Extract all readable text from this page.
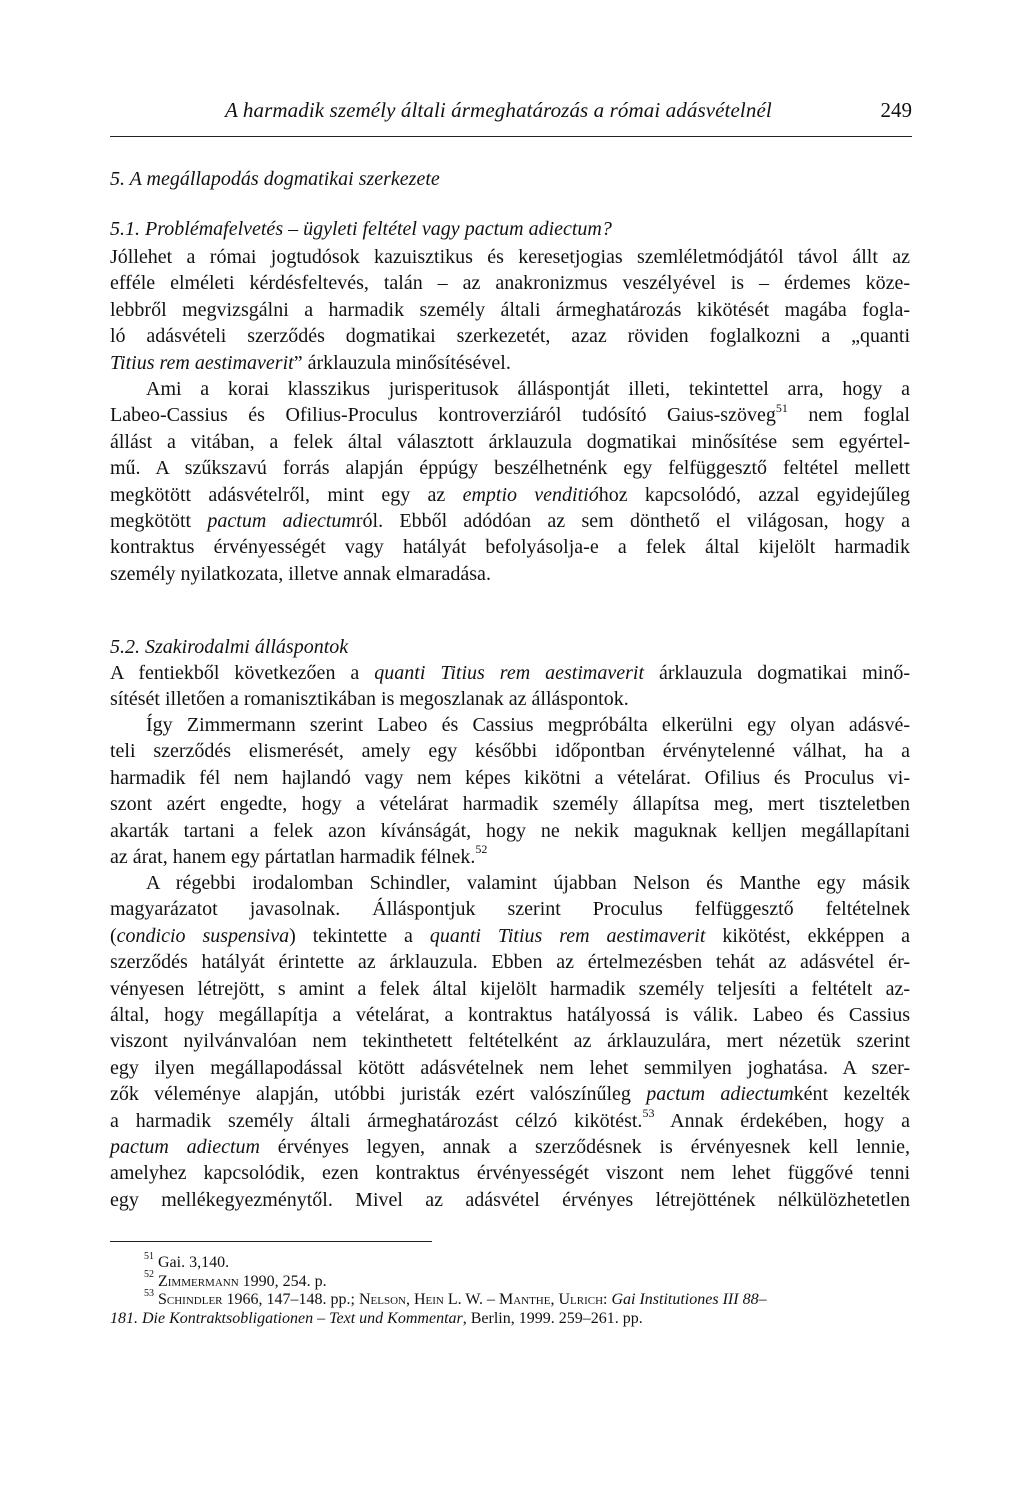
A harmadik személy általi ármeghatározás a római adásvételnél	249
5. A megállapodás dogmatikai szerkezete
5.1. Problémafelvetés – ügyleti feltétel vagy pactum adiectum?
Jóllehet a római jogtudósok kazuisztikus és keresetjogias szemléletmódjától távol állt az
efféle elméleti kérdésfeltevés, talán – az anakronizmus veszélyével is – érdemes köze-
lebbről megvizsgálni a harmadik személy általi ármeghatározás kikötését magába fogla-
ló adásvételi szerződés dogmatikai szerkezetét, azaz röviden foglalkozni a „quanti
Titius rem aestimaverit” árklauzula minősítésével.
Ami a korai klasszikus jurisperitusok álláspontját illeti, tekintettel arra, hogy a
Labeo-Cassius és Ofilius-Proculus kontroverziáról tudósító Gaius-szöveg$^{51}$ nem foglal
állást a vitában, a felek által választott árklauzula dogmatikai minősítése sem egyértel-
mű. A szűkszavú forrás alapján éppúgy beszélhetnénk egy felfüggesztő feltétel mellett
megkötött adásvételről, mint egy az emptio venditióhoz kapcsolódó, azzal egyidejűleg
megkötött pactum adiectumról. Ebből adódóan az sem dönthető el világosan, hogy a
kontraktus érvényességét vagy hatályát befolyásolja-e a felek által kijelölt harmadik
személy nyilatkozata, illetve annak elmaradása.
5.2. Szakirodalmi álláspontok
A fentiekből következően a quanti Titius rem aestimaverit árklauzula dogmatikai minő-
sítését illetően a romanisztikában is megoszlanak az álláspontok.
Így Zimmermann szerint Labeo és Cassius megpróbálta elkerülni egy olyan adásvé-
teli szerződés elismerését, amely egy későbbi időpontban érvénytelenné válhat, ha a
harmadik fél nem hajlandó vagy nem képes kikötni a vételárat. Ofilius és Proculus vi-
szont azért engedte, hogy a vételárat harmadik személy állapítsa meg, mert tiszteletben
akarták tartani a felek azon kívánságát, hogy ne nekik maguknak kelljen megállapítani
az árat, hanem egy pártatlan harmadik félnek.$^{52}$
A régebbi irodalomban Schindler, valamint újabban Nelson és Manthe egy másik
magyarázatot javasolnak. Álláspontjuk szerint Proculus felfüggesztő feltételnek
(condicio suspensiva) tekintette a quanti Titius rem aestimaverit kikötést, ekképpen a
szerződés hatályát érintette az árklauzula. Ebben az értelmezésben tehát az adásvétel ér-
vényesen létrejött, s amint a felek által kijelölt harmadik személy teljesíti a feltételt az-
által, hogy megállapítja a vételárat, a kontraktus hatályossá is válik. Labeo és Cassius
viszont nyilvánvalóan nem tekinthetett feltételként az árklauzulára, mert nézetük szerint
egy ilyen megállapodással kötött adásvételnek nem lehet semmilyen joghatása. A szer-
zők véleménye alapján, utóbbi juristák ezért valószínűleg pactum adiectumként kezelték
a harmadik személy általi ármeghatározást célzó kikötést.$^{53}$ Annak érdekében, hogy a
pactum adiectum érvényes legyen, annak a szerződésnek is érvényesnek kell lennie,
amelyhez kapcsolódik, ezen kontraktus érvényességét viszont nem lehet függővé tenni
egy mellékegyezménytől. Mivel az adásvétel érvényes létrejöttének nélkülözhetetlen
$^{51}$ Gai. 3,140.
$^{52}$ Zimmermann 1990, 254. p.
$^{53}$ Schindler 1966, 147–148. pp.; Nelson, Hein L. W. – Manthe, Ulrich: Gai Institutiones III 88–
181. Die Kontraktsobligationen – Text und Kommentar, Berlin, 1999. 259–261. pp.
